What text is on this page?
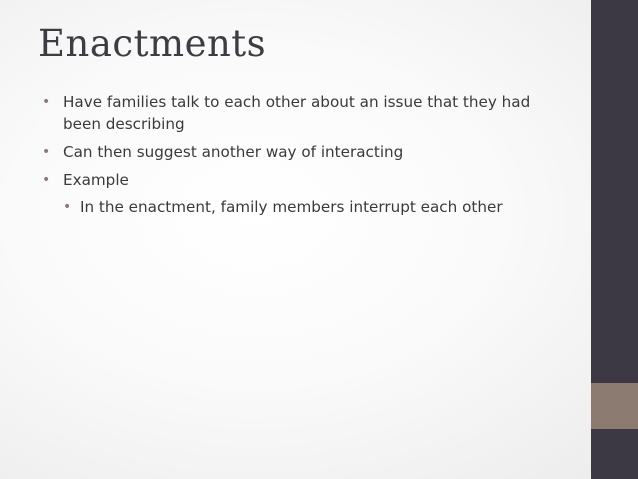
Enactments
• Have families talk to each other about an issue that they had been describing
• Can then suggest another way of interacting
• Example
• In the enactment, family members interrupt each other
